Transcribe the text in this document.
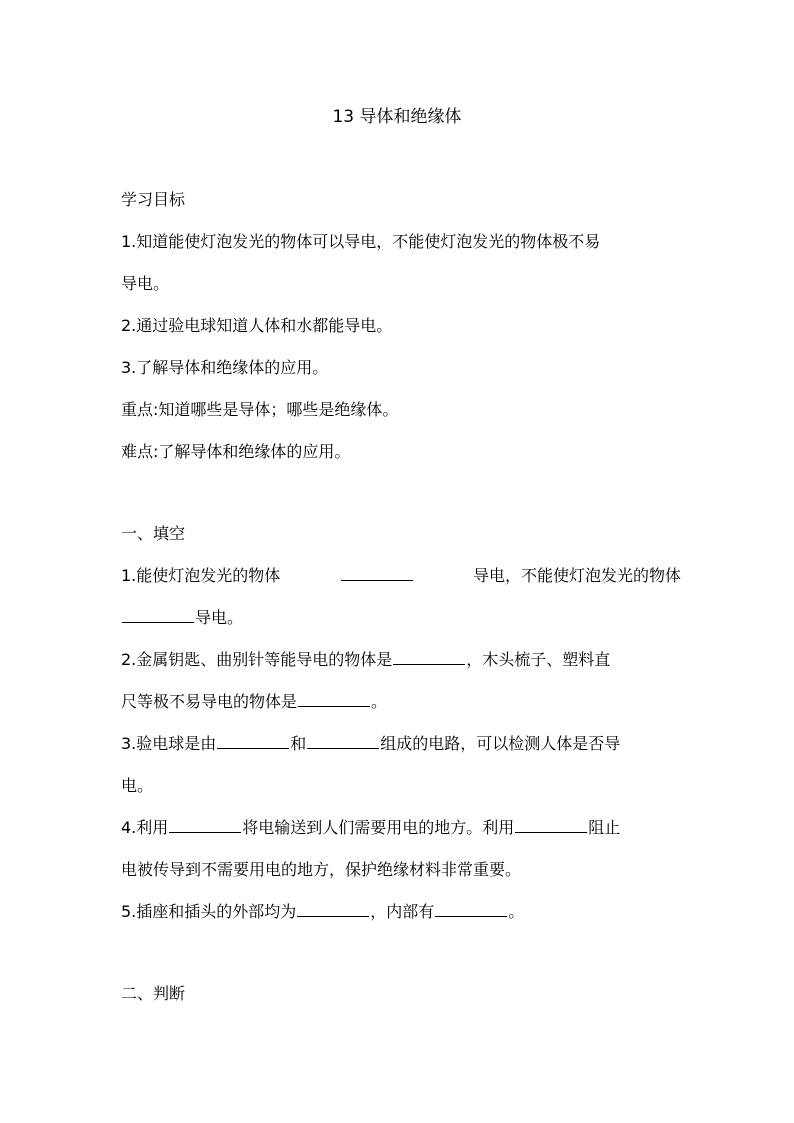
13 导体和绝缘体
学习目标
1.知道能使灯泡发光的物体可以导电，不能使灯泡发光的物体极不易
导电。
2.通过验电球知道人体和水都能导电。
3.了解导体和绝缘体的应用。
重点:知道哪些是导体；哪些是绝缘体。
难点:了解导体和绝缘体的应用。
一、填空
1.能使灯泡发光的物体	导电，不能使灯泡发光的物体
导电。
2.金属钥匙、曲别针等能导电的物体是	，木头梳子、塑料直
尺等极不易导电的物体是	。
3.验电球是由	和	组成的电路，可以检测人体是否导
电。
4.利用	将电输送到人们需要用电的地方。利用	阻止
电被传导到不需要用电的地方，保护绝缘材料非常重要。
5.插座和插头的外部均为	，内部有	。
二、判断
